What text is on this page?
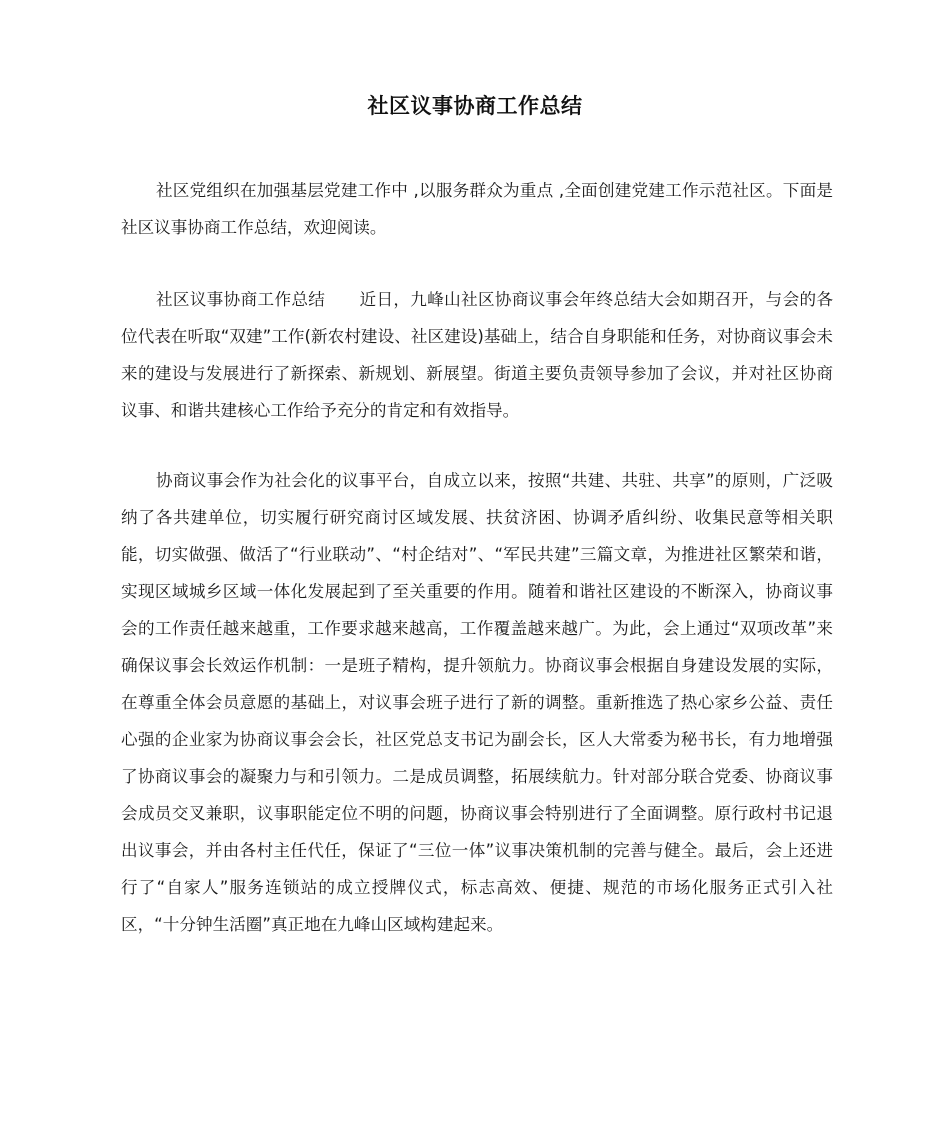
社区议事协商工作总结

社区党组织在加强基层党建工作中 ,以服务群众为重点 ,全面创建党建工作示范社区。下面是社区议事协商工作总结，欢迎阅读。

社区议事协商工作总结 近日，九峰山社区协商议事会年终总结大会如期召开，与会的各位代表在听取“双建”工作(新农村建设、社区建设)基础上，结合自身职能和任务，对协商议事会未来的建设与发展进行了新探索、新规划、新展望。街道主要负责领导参加了会议，并对社区协商议事、和谐共建核心工作给予充分的肯定和有效指导。

协商议事会作为社会化的议事平台，自成立以来，按照“共建、共驻、共享”的原则，广泛吸纳了各共建单位，切实履行研究商讨区域发展、扶贫济困、协调矛盾纠纷、收集民意等相关职能，切实做强、做活了“行业联动”、“村企结对”、“军民共建”三篇文章，为推进社区繁荣和谐，实现区域城乡区域一体化发展起到了至关重要的作用。随着和谐社区建设的不断深入，协商议事会的工作责任越来越重，工作要求越来越高，工作覆盖越来越广。为此，会上通过“双项改革”来确保议事会长效运作机制：一是班子精构，提升领航力。协商议事会根据自身建设发展的实际，在尊重全体会员意愿的基础上，对议事会班子进行了新的调整。重新推选了热心家乡公益、责任心强的企业家为协商议事会会长，社区党总支书记为副会长，区人大常委为秘书长，有力地增强了协商议事会的凝聚力与和引领力。二是成员调整，拓展续航力。针对部分联合党委、协商议事会成员交叉兼职，议事职能定位不明的问题，协商议事会特别进行了全面调整。原行政村书记退出议事会，并由各村主任代任，保证了“三位一体”议事决策机制的完善与健全。最后，会上还进行了“自家人”服务连锁站的成立授牌仪式，标志高效、便捷、规范的市场化服务正式引入社区，“十分钟生活圈”真正地在九峰山区域构建起来。
